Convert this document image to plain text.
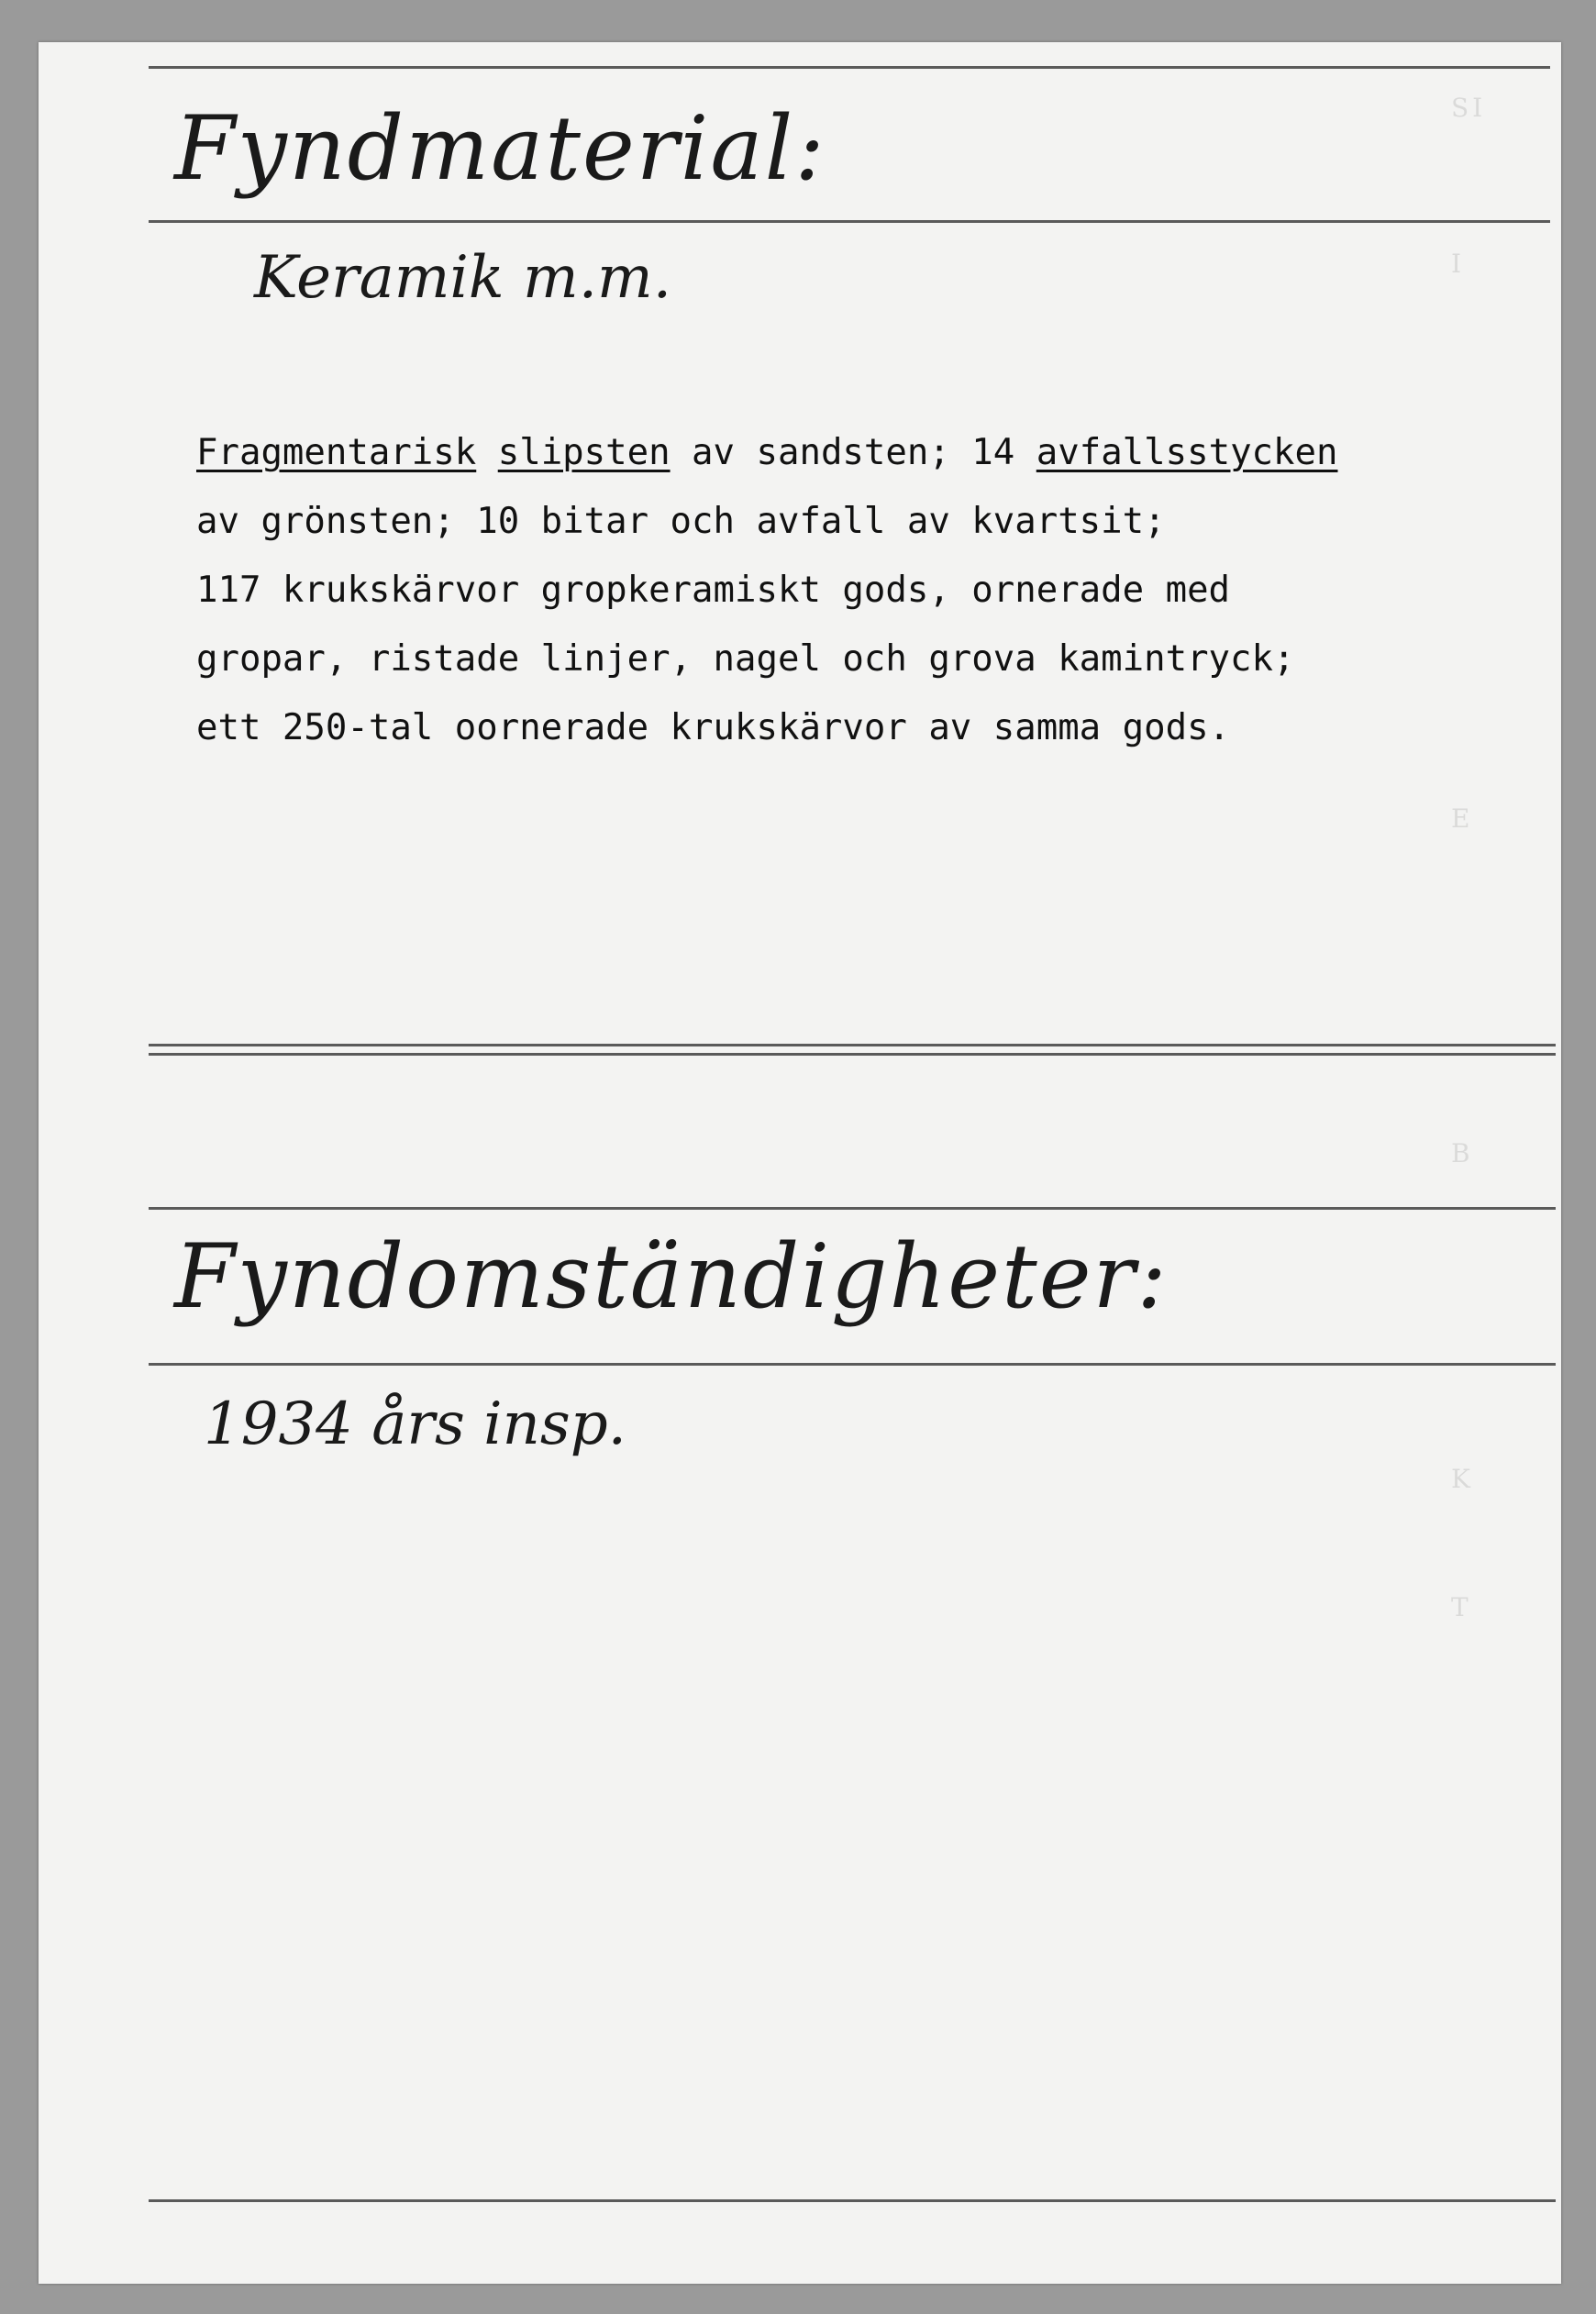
SI
I
E
B
K
T
Fyndmaterial:
Keramik m.m.
Fragmentarisk slipsten av sandsten; 14 avfallsstycken
av grönsten; 10 bitar och avfall av kvartsit;
117 krukskärvor gropkeramiskt gods, ornerade med
gropar, ristade linjer, nagel och grova kamintryck;
ett 250-tal oornerade krukskärvor av samma gods.
Fyndomständigheter:
1934 års insp.
